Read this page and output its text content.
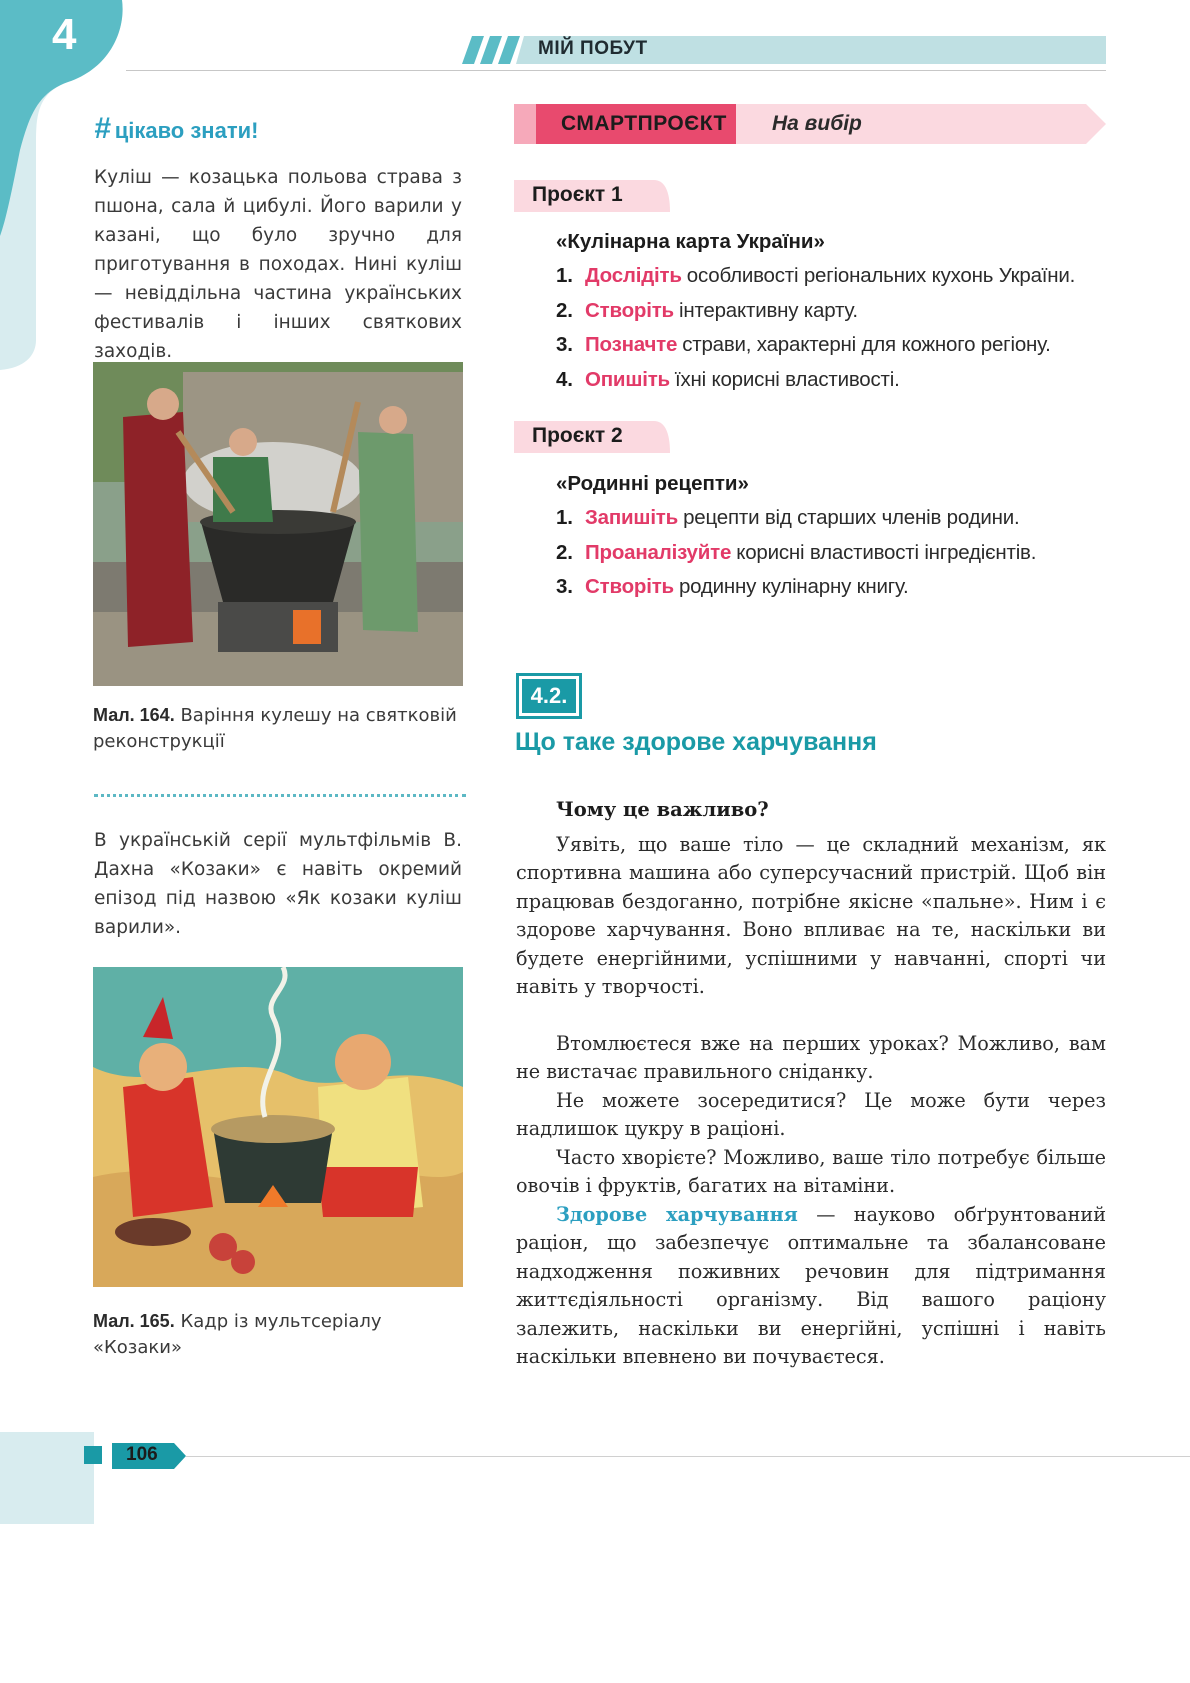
4	МІЙ ПОБУТ
# цікаво знати!
Куліш — козацька польова страва з пшона, сала й цибулі. Його варили у казані, що було зручно для приготування в походах. Нині куліш — невіддільна частина українських фестивалів і інших святкових заходів.
Мал. 164. Варіння кулешу на святковій реконструкції
В українській серії мультфільмів В. Дахна «Козаки» є навіть окремий епізод під назвою «Як козаки куліш варили».
Мал. 165. Кадр із мультсеріалу «Козаки»
СМАРТПРОЄКТ На вибір
Проєкт 1
«Кулінарна карта України»
1. Дослідіть особливості регіональних кухонь України.
2. Створіть інтерактивну карту.
3. Позначте страви, характерні для кожного регіону.
4. Опишіть їхні корисні властивості.
Проєкт 2
«Родинні рецепти»
1. Запишіть рецепти від старших членів родини.
2. Проаналізуйте корисні властивості інгредієнтів.
3. Створіть родинну кулінарну книгу.
4.2.
Що таке здорове харчування
Чому це важливо?

Уявіть, що ваше тіло — це складний механізм, як спортивна машина або суперсучасний пристрій. Щоб він працював бездоганно, потрібне якісне «пальне». Ним і є здорове харчування. Воно впливає на те, наскільки ви будете енергійними, успішними у навчанні, спорті чи навіть у творчості.

Втомлюєтеся вже на перших уроках? Можливо, вам не вистачає правильного сніданку.

Не можете зосередитися? Це може бути через надлишок цукру в раціоні.

Часто хворієте? Можливо, ваше тіло потребує більше овочів і фруктів, багатих на вітаміни.

Здорове харчування — науково обґрунтований раціон, що забезпечує оптимальне та збалансоване надходження поживних речовин для підтримання життєдіяльності організму. Від вашого раціону залежить, наскільки ви енергійні, успішні і навіть наскільки впевнено ви почуваєтеся.

106
